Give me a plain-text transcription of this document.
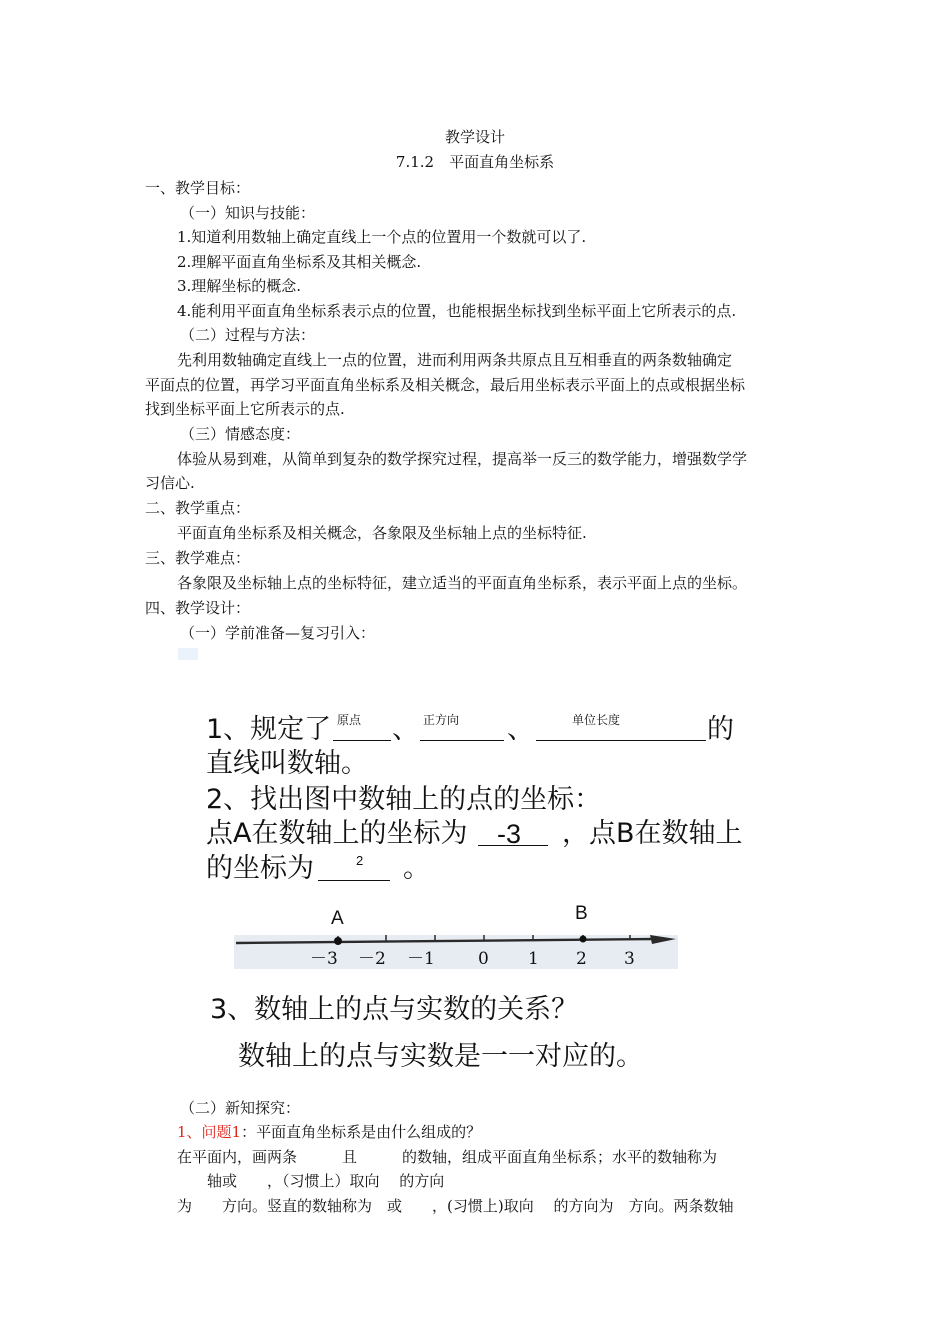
教学设计
7.1.2　平面直角坐标系
一、教学目标：
（一）知识与技能：
1.知道利用数轴上确定直线上一个点的位置用一个数就可以了.
2.理解平面直角坐标系及其相关概念.
3.理解坐标的概念.
4.能利用平面直角坐标系表示点的位置，也能根据坐标找到坐标平面上它所表示的点.
（二）过程与方法：
先利用数轴确定直线上一点的位置，进而利用两条共原点且互相垂直的两条数轴确定
平面点的位置，再学习平面直角坐标系及相关概念，最后用坐标表示平面上的点或根据坐标
找到坐标平面上它所表示的点.
（三）情感态度：
体验从易到难，从简单到复杂的数学探究过程，提高举一反三的数学能力，增强数学学
习信心.
二、教学重点：
平面直角坐标系及相关概念，各象限及坐标轴上点的坐标特征.
三、教学难点：
各象限及坐标轴上点的坐标特征，建立适当的平面直角坐标系，表示平面上点的坐标。
四、教学设计：
（一）学前准备—复习引入：
1、规定了 、	、	的
原点	正方向	单位长度
直线叫数轴。
2、找出图中数轴上的点的坐标：
点A在数轴上的坐标为 -3 ，点B在数轴上
的坐标为	2 。
A	B
－3 －2 －1	0 1 2 3
3、数轴上的点与实数的关系？
数轴上的点与实数是一一对应的。
（二）新知探究：
1、问题1：平面直角坐标系是由什么组成的？
在平面内，画两条　　　且　　　的数轴，组成平面直角坐标系；水平的数轴称为
轴或　　，（习惯上）取向　 的方向
为　　方向。竖直的数轴称为　或　　，(习惯上)取向　 的方向为　方向。两条数轴
